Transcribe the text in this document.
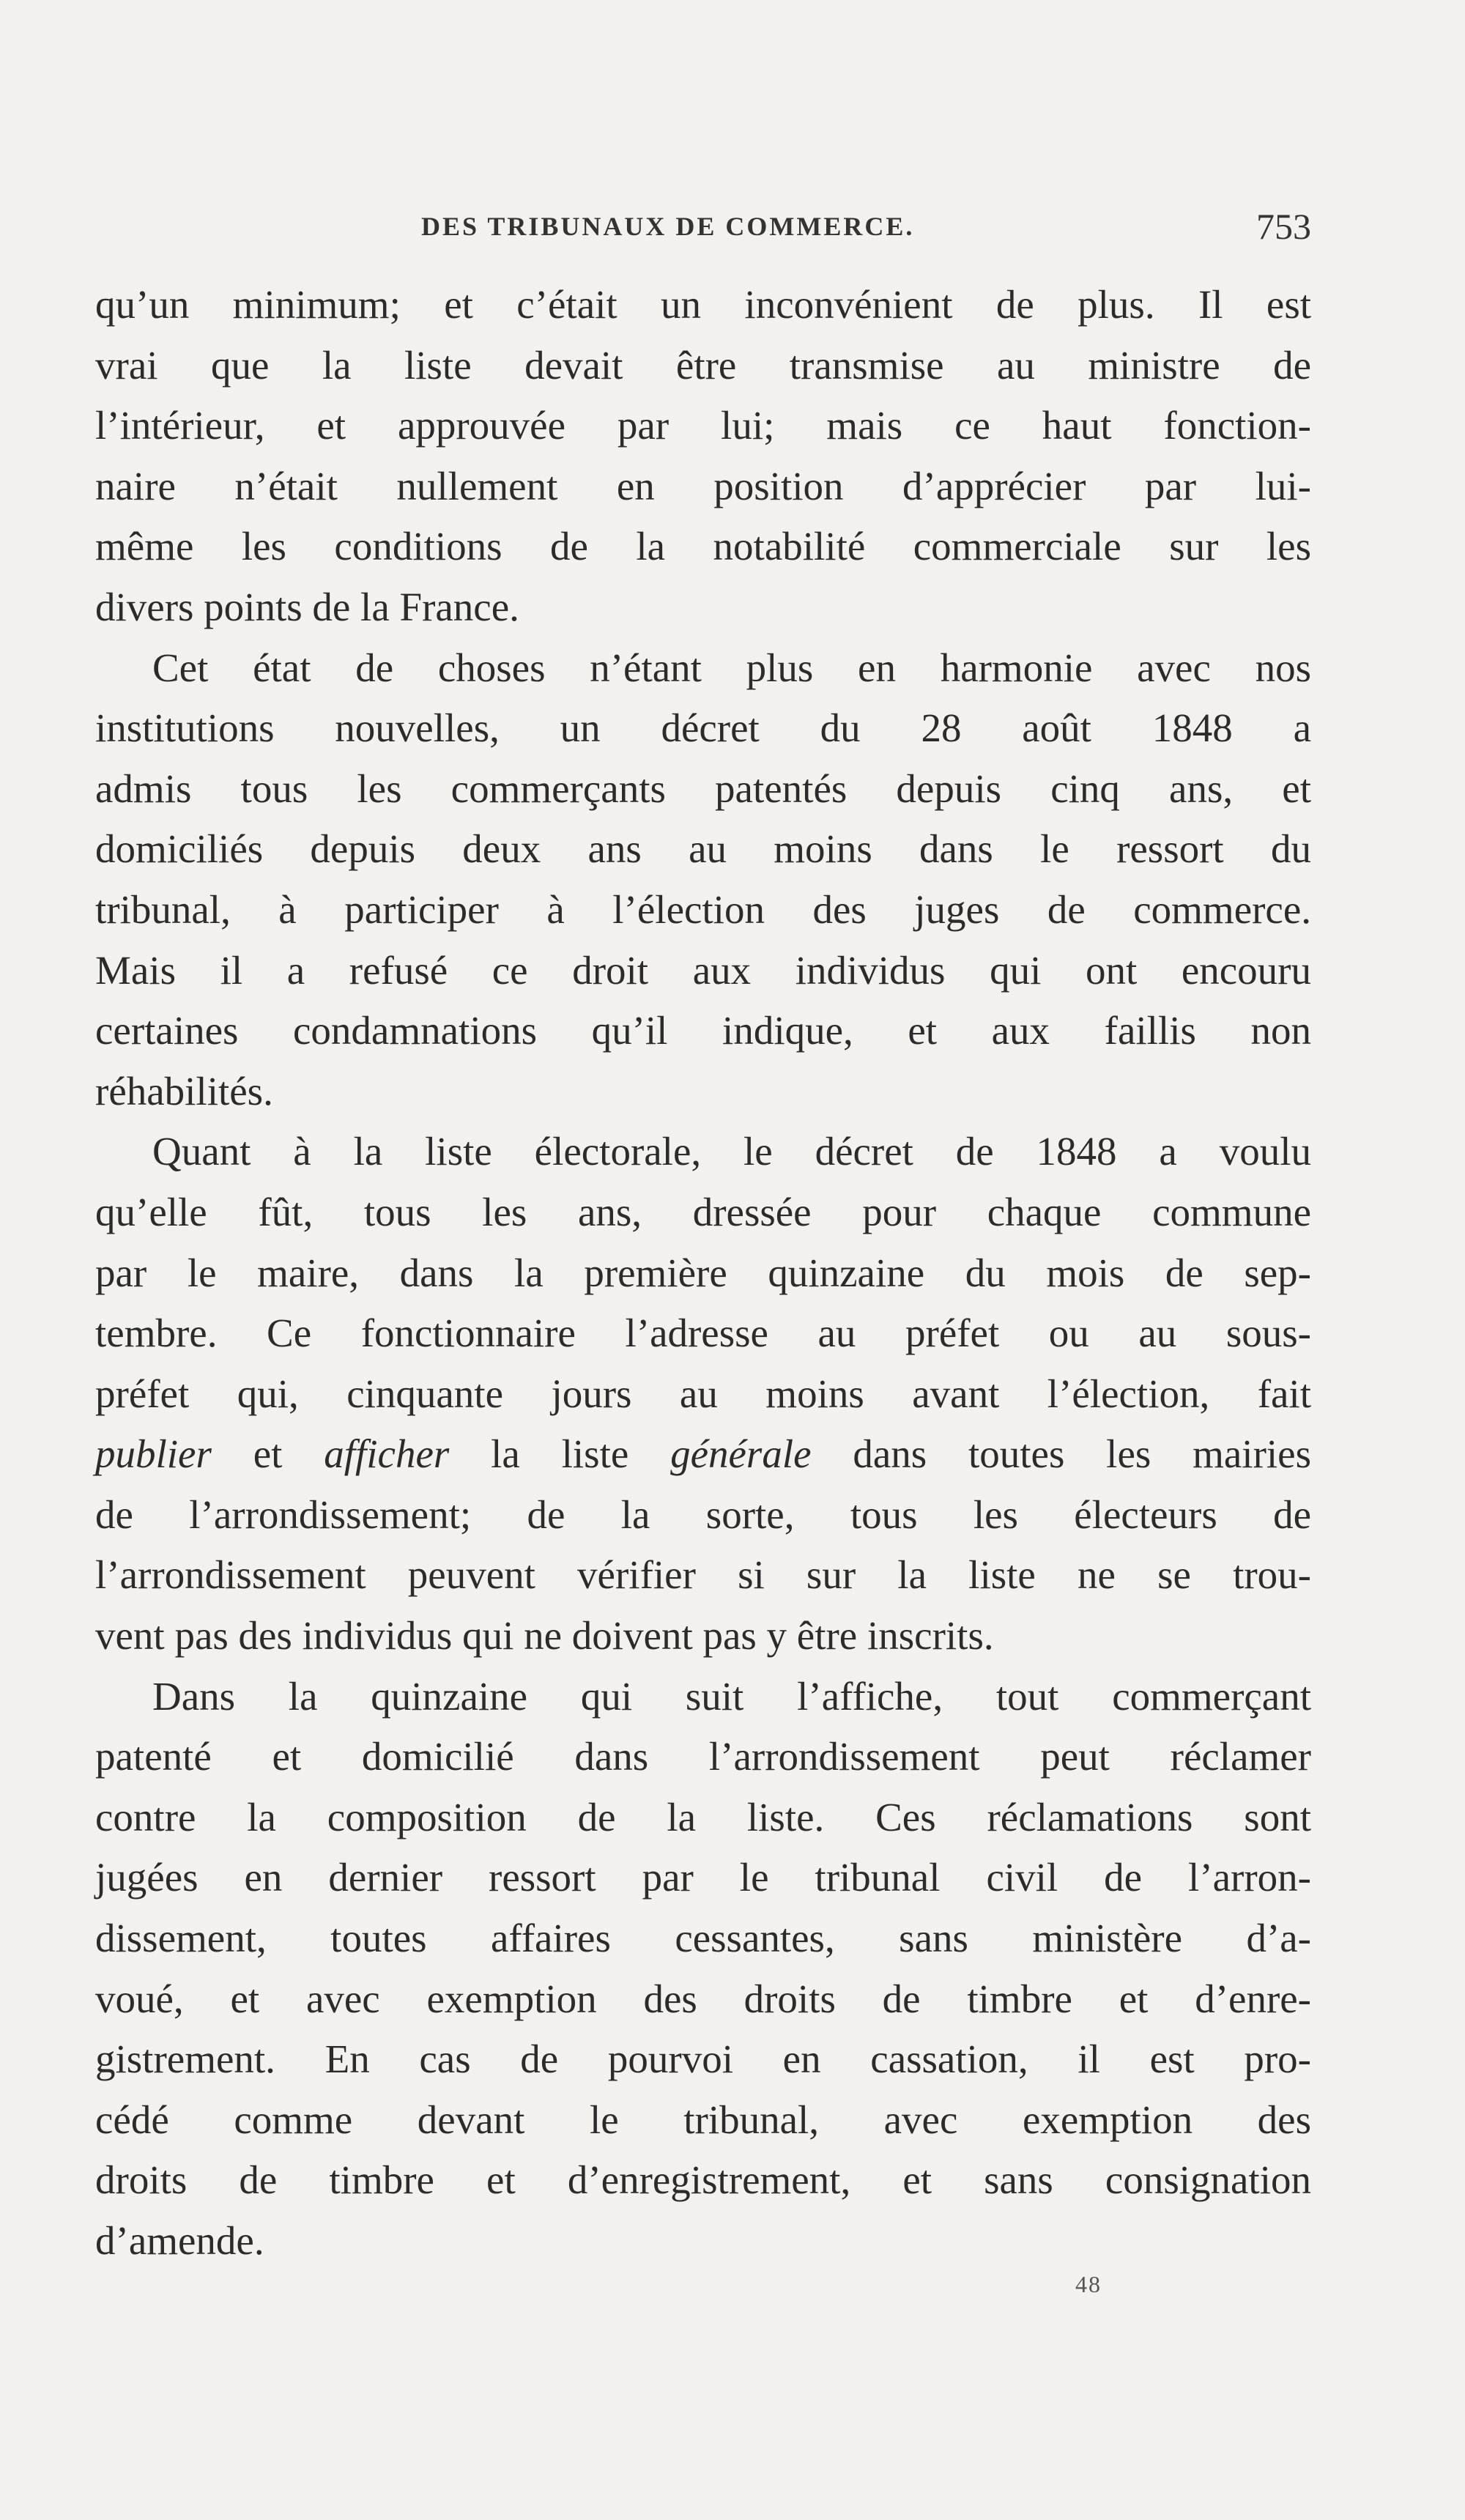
DES TRIBUNAUX DE COMMERCE.	753
qu’un minimum; et c’était un inconvénient de plus. Il est
vrai que la liste devait être transmise au ministre de
l’intérieur, et approuvée par lui; mais ce haut fonction-
naire n’était nullement en position d’apprécier par lui-
même les conditions de la notabilité commerciale sur les
divers points de la France.
Cet état de choses n’étant plus en harmonie avec nos
institutions nouvelles, un décret du 28 août 1848 a
admis tous les commerçants patentés depuis cinq ans, et
domiciliés depuis deux ans au moins dans le ressort du
tribunal, à participer à l’élection des juges de commerce.
Mais il a refusé ce droit aux individus qui ont encouru
certaines condamnations qu’il indique, et aux faillis non
réhabilités.
Quant à la liste électorale, le décret de 1848 a voulu
qu’elle fût, tous les ans, dressée pour chaque commune
par le maire, dans la première quinzaine du mois de sep-
tembre. Ce fonctionnaire l’adresse au préfet ou au sous-
préfet qui, cinquante jours au moins avant l’élection, fait
publier et afficher la liste générale dans toutes les mairies
de l’arrondissement; de la sorte, tous les électeurs de
l’arrondissement peuvent vérifier si sur la liste ne se trou-
vent pas des individus qui ne doivent pas y être inscrits.
Dans la quinzaine qui suit l’affiche, tout commerçant
patenté et domicilié dans l’arrondissement peut réclamer
contre la composition de la liste. Ces réclamations sont
jugées en dernier ressort par le tribunal civil de l’arron-
dissement, toutes affaires cessantes, sans ministère d’a-
voué, et avec exemption des droits de timbre et d’enre-
gistrement. En cas de pourvoi en cassation, il est pro-
cédé comme devant le tribunal, avec exemption des
droits de timbre et d’enregistrement, et sans consignation
d’amende.
48
